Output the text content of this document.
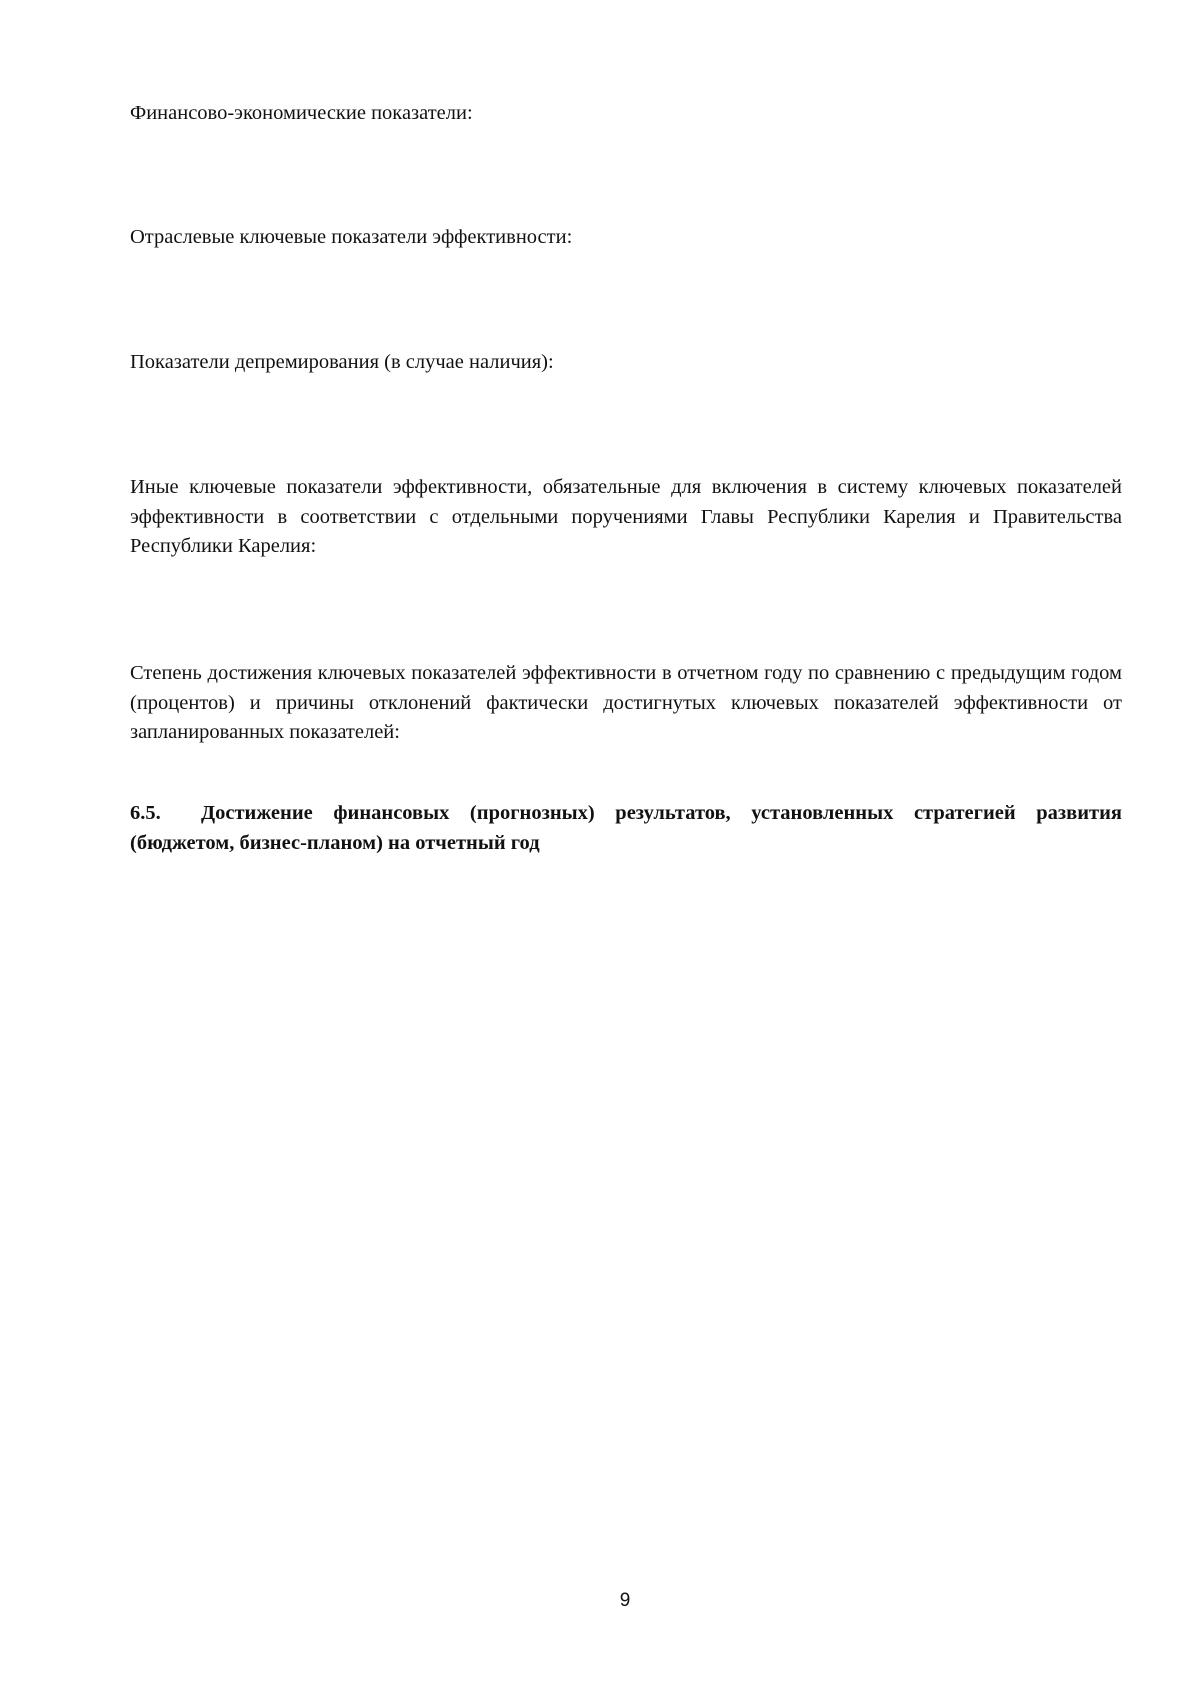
Финансово-экономические показатели:

Отраслевые ключевые показатели эффективности:

Показатели депремирования (в случае наличия):

Иные ключевые показатели эффективности, обязательные для включения в систему ключевых показателей эффективности в соответствии с отдельными поручениями Главы Республики Карелия и Правительства Республики Карелия:

Степень достижения ключевых показателей эффективности в отчетном году по сравнению с предыдущим годом (процентов) и причины отклонений фактически достигнутых ключевых показателей эффективности от запланированных показателей:

6.5. Достижение финансовых (прогнозных) результатов, установленных стратегией развития (бюджетом, бизнес-планом) на отчетный год
9
